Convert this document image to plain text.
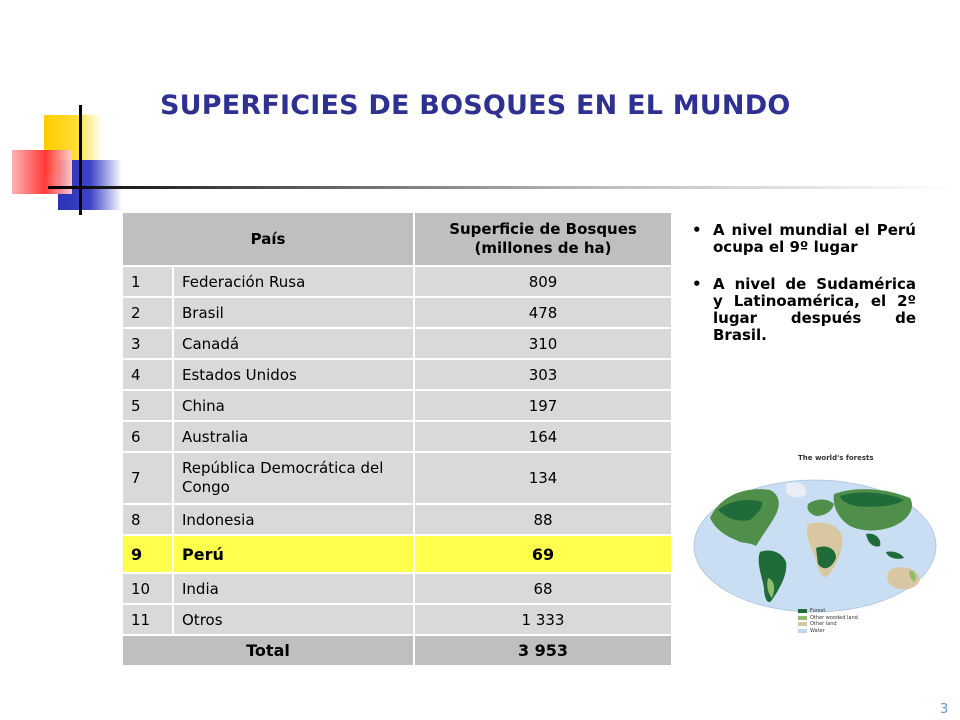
SUPERFICIES DE BOSQUES EN EL MUNDO
País		Superficie de Bosques (millones de ha)
1	Federación Rusa	809
2	Brasil	478
3	Canadá	310
4	Estados Unidos	303
5	China	197
6	Australia	164
7	República Democrática del Congo	134
8	Indonesia	88
9	Perú	69
10	India	68
11	Otros	1 333
Total		3 953
• A nivel mundial el Perú ocupa el 9º lugar
• A nivel de Sudamérica y Latinoamérica, el 2º lugar después de Brasil.
The world's forests
Forest
Other wooded land
Other land
Water
3
